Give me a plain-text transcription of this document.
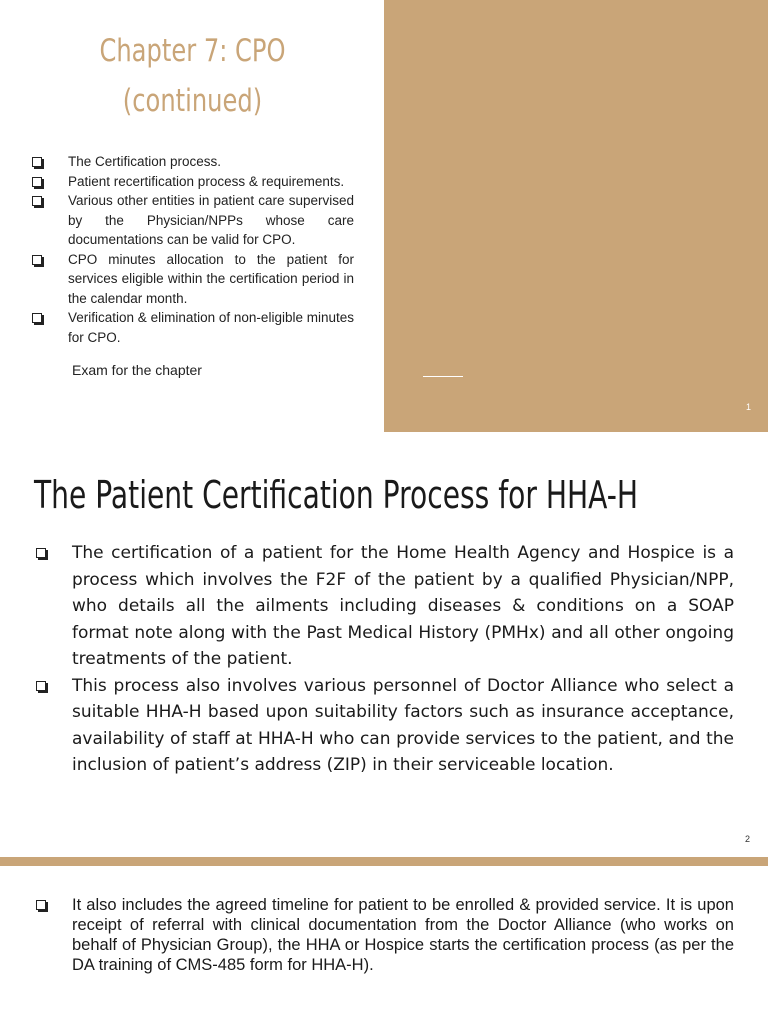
Chapter 7: CPO
(continued)
The Certification process.
Patient recertification process & requirements.
Various other entities in patient care supervised by the Physician/NPPs whose care documentations can be valid for CPO.
CPO minutes allocation to the patient for services eligible within the certification period in the calendar month.
Verification & elimination of non-eligible minutes for CPO.
Exam for the chapter
1
The Patient Certification Process for HHA-H
The certification of a patient for the Home Health Agency and Hospice is a process which involves the F2F of the patient by a qualified Physician/NPP, who details all the ailments including diseases & conditions on a SOAP format note along with the Past Medical History (PMHx) and all other ongoing treatments of the patient.
This process also involves various personnel of Doctor Alliance who select a suitable HHA-H based upon suitability factors such as insurance acceptance, availability of staff at HHA-H who can provide services to the patient, and the inclusion of patient’s address (ZIP) in their serviceable location.
2
It also includes the agreed timeline for patient to be enrolled & provided service. It is upon receipt of referral with clinical documentation from the Doctor Alliance (who works on behalf of Physician Group), the HHA or Hospice starts the certification process (as per the DA training of CMS-485 form for HHA-H).
